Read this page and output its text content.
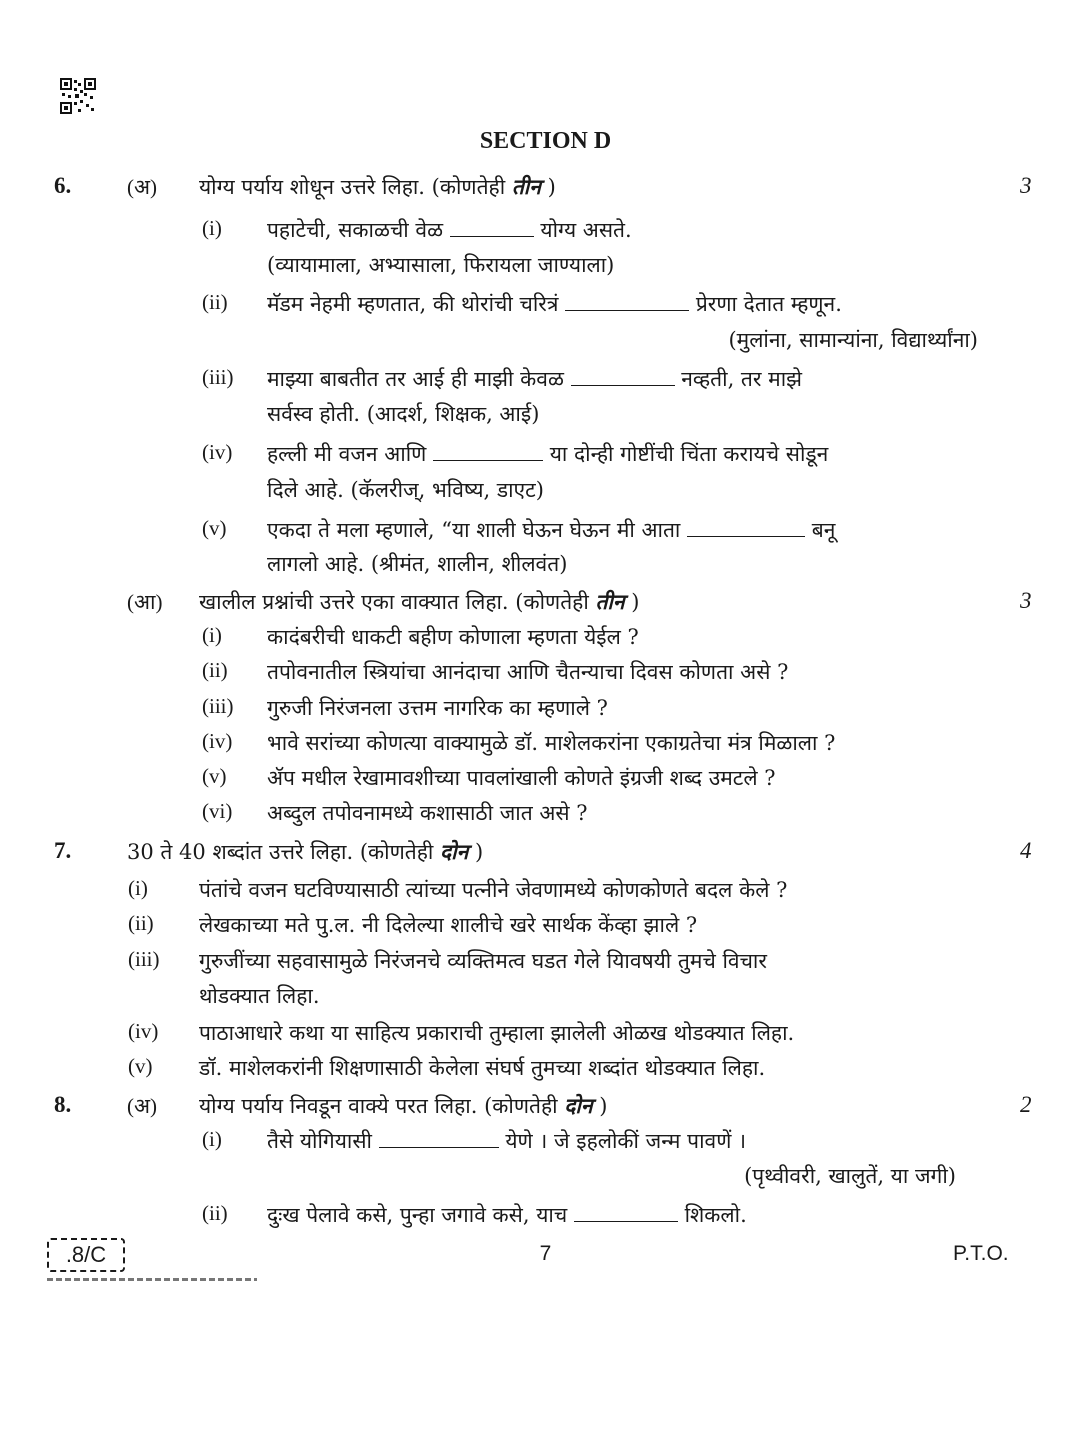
SECTION D
6.	(अ) योग्य पर्याय शोधून उत्तरे लिहा. (कोणतेही तीन )	3
(i) पहाटेची, सकाळची वेळ	योग्य असते.
(व्यायामाला, अभ्यासाला, फिरायला जाण्याला)
(ii) मॅडम नेहमी म्हणतात, की थोरांची चरित्रं	प्रेरणा देतात म्हणून.
(मुलांना, सामान्यांना, विद्यार्थ्यांना)
(iii) माझ्या बाबतीत तर आई ही माझी केवळ	नव्हती, तर माझे
सर्वस्व होती. (आदर्श, शिक्षक, आई)
(iv) हल्ली मी वजन आणि	या दोन्ही गोष्टींची चिंता करायचे सोडून
दिले आहे. (कॅलरीज्, भविष्य, डाएट)
(v) एकदा ते मला म्हणाले, “या शाली घेऊन घेऊन मी आता	बनू
लागलो आहे. (श्रीमंत, शालीन, शीलवंत)
(आ) खालील प्रश्नांची उत्तरे एका वाक्यात लिहा. (कोणतेही तीन )	3
(i) कादंबरीची धाकटी बहीण कोणाला म्हणता येईल ?
(ii) तपोवनातील स्त्रियांचा आनंदाचा आणि चैतन्याचा दिवस कोणता असे ?
(iii) गुरुजी निरंजनला उत्तम नागरिक का म्हणाले ?
(iv) भावे सरांच्या कोणत्या वाक्यामुळे डॉ. माशेलकरांना एकाग्रतेचा मंत्र मिळाला ?
(v) ॲप मधील रेखामावशीच्या पावलांखाली कोणते इंग्रजी शब्द उमटले ?
(vi) अब्दुल तपोवनामध्ये कशासाठी जात असे ?
7.	30 ते 40 शब्दांत उत्तरे लिहा. (कोणतेही दोन )	4
(i) पंतांचे वजन घटविण्यासाठी त्यांच्या पत्नीने जेवणामध्ये कोणकोणते बदल केले ?
(ii) लेखकाच्या मते पु.ल. नी दिलेल्या शालीचे खरे सार्थक केंव्हा झाले ?
(iii) गुरुजींच्या सहवासामुळे निरंजनचे व्यक्तिमत्व घडत गेले यािवषयी तुमचे विचार
थोडक्यात लिहा.
(iv) पाठाआधारे कथा या साहित्य प्रकाराची तुम्हाला झालेली ओळख थोडक्यात लिहा.
(v) डॉ. माशेलकरांनी शिक्षणासाठी केलेला संघर्ष तुमच्या शब्दांत थोडक्यात लिहा.
8.	(अ) योग्य पर्याय निवडून वाक्ये परत लिहा. (कोणतेही दोन )	2
(i) तैसे योगियासी	येणे । जे इहलोकीं जन्म पावणें ।
(पृथ्वीवरी, खालुतें, या जगी)
(ii) दुःख पेलावे कसे, पुन्हा जगावे कसे, याच	शिकलो.
.8/C	7	P.T.O.
